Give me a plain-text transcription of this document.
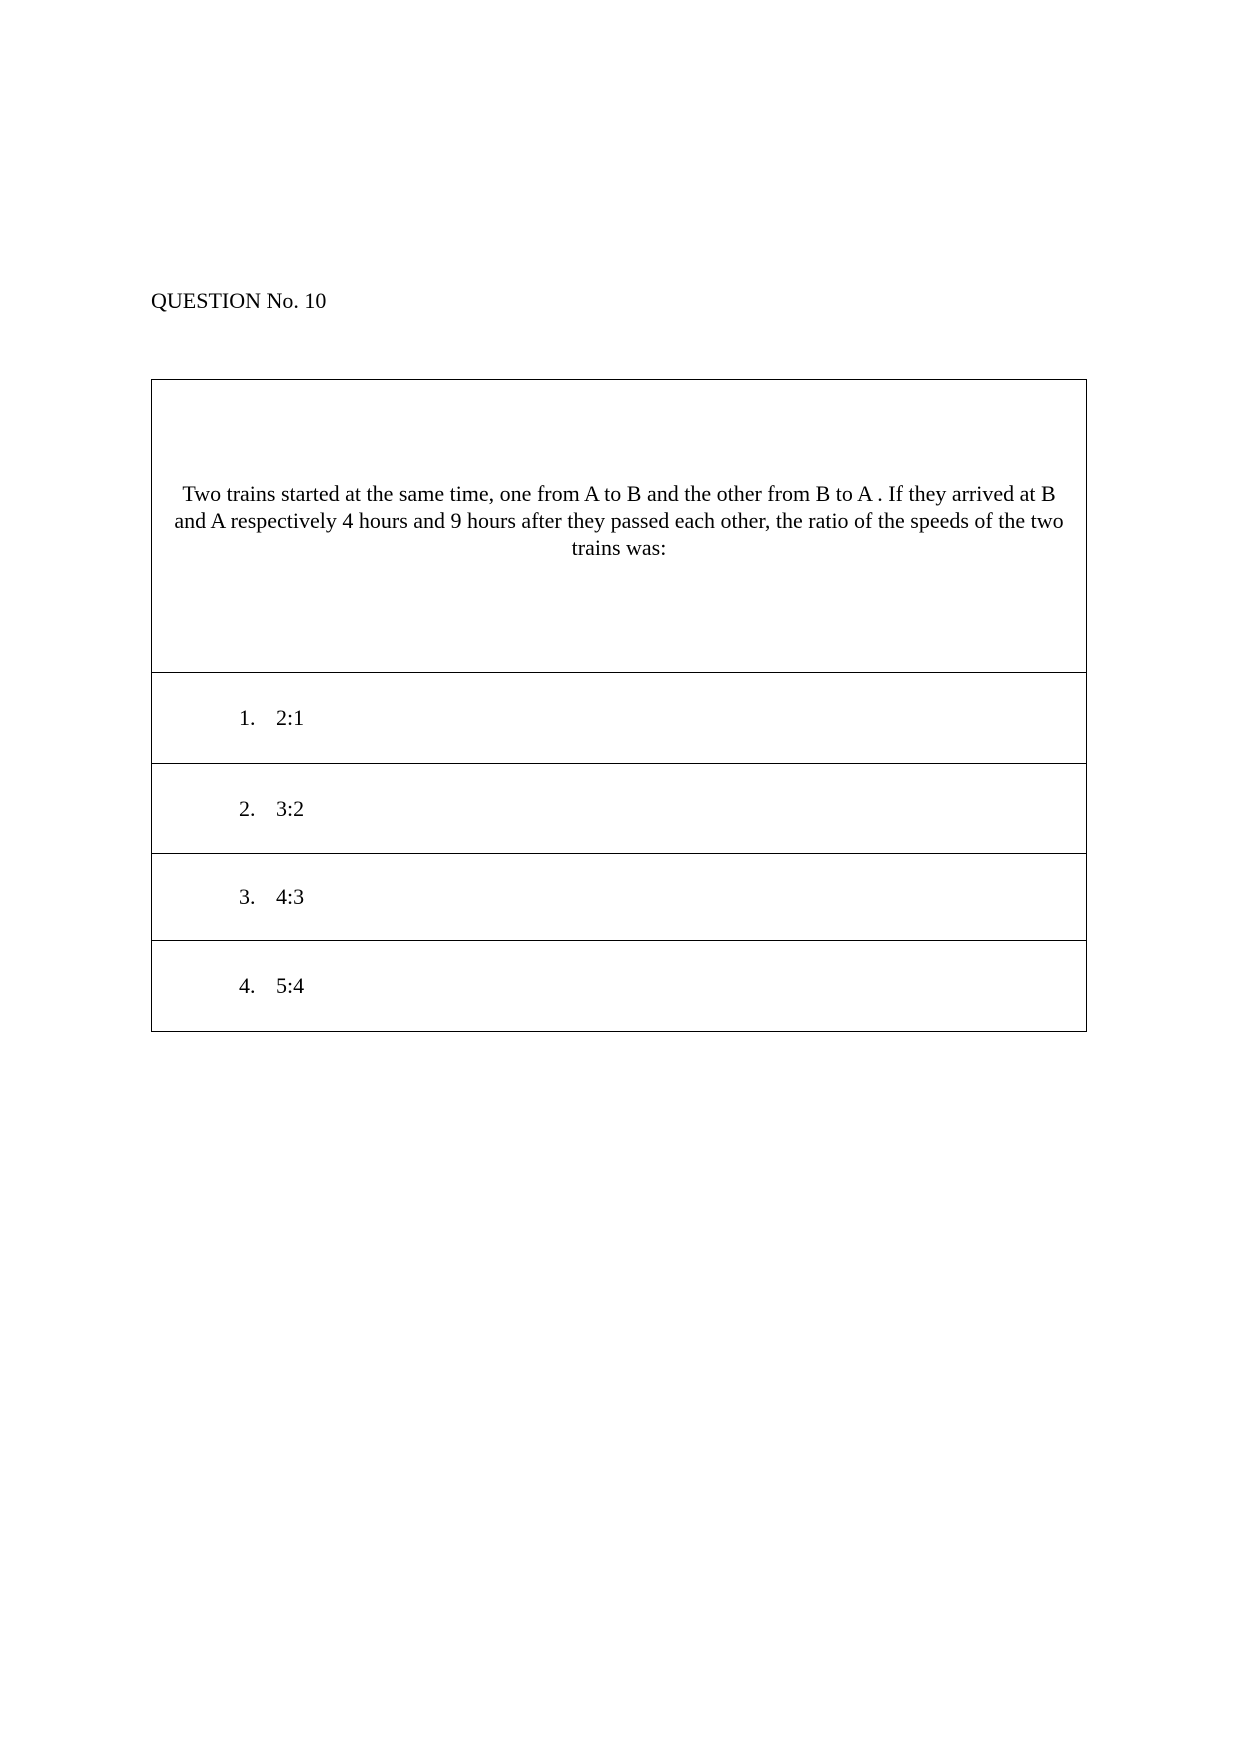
QUESTION No. 10
Two trains started at the same time, one from A to B and the other from B to A . If they arrived at B and A respectively 4 hours and 9 hours after they passed each other, the ratio of the speeds of the two trains was:

1. 2:1

2. 3:2

3. 4:3

4. 5:4
